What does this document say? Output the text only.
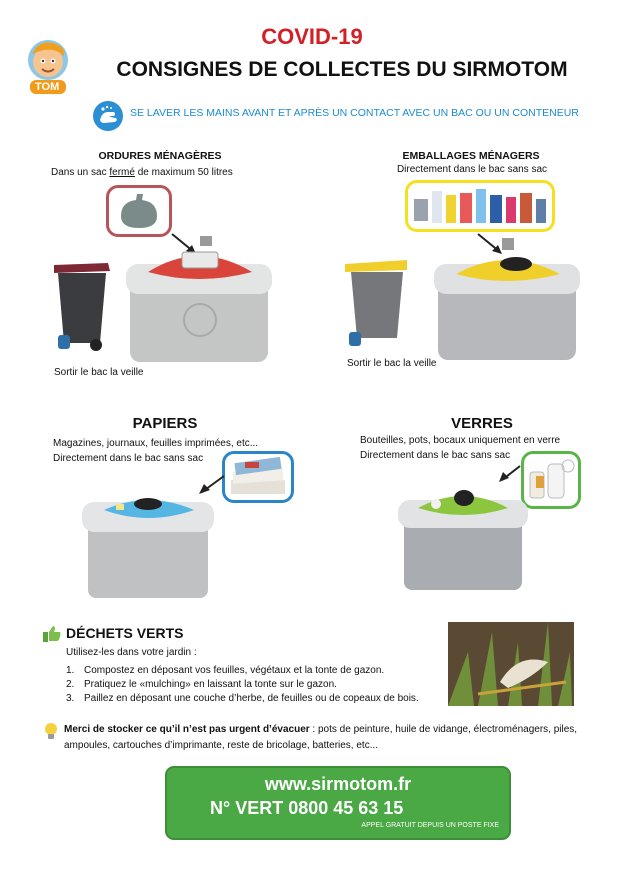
TOM
COVID-19
CONSIGNES DE COLLECTES DU SIRMOTOM
SE LAVER LES MAINS AVANT ET APRÈS UN CONTACT AVEC UN BAC OU UN CONTENEUR
ORDURES MÉNAGÈRES
Dans un sac fermé de maximum 50 litres
Sortir le bac la veille
EMBALLAGES MÉNAGERS
Directement dans le bac sans sac
Sortir le bac la veille
PAPIERS
Magazines, journaux, feuilles imprimées, etc...
Directement dans le bac sans sac
VERRES
Bouteilles, pots, bocaux uniquement en verre
Directement dans le bac sans sac
DÉCHETS VERTS
Utilisez-les dans votre jardin :
1. Compostez en déposant vos feuilles, végétaux et la tonte de gazon.
2. Pratiquez le «mulching» en laissant la tonte sur le gazon.
3. Paillez en déposant une couche d’herbe, de feuilles ou de copeaux de bois.
Merci de stocker ce qu’il n’est pas urgent d’évacuer : pots de peinture, huile de vidange, électroménagers, piles, ampoules, cartouches d’imprimante, reste de bricolage, batteries, etc...
www.sirmotom.fr
N° VERT 0800 45 63 15
APPEL GRATUIT DEPUIS UN POSTE FIXE
